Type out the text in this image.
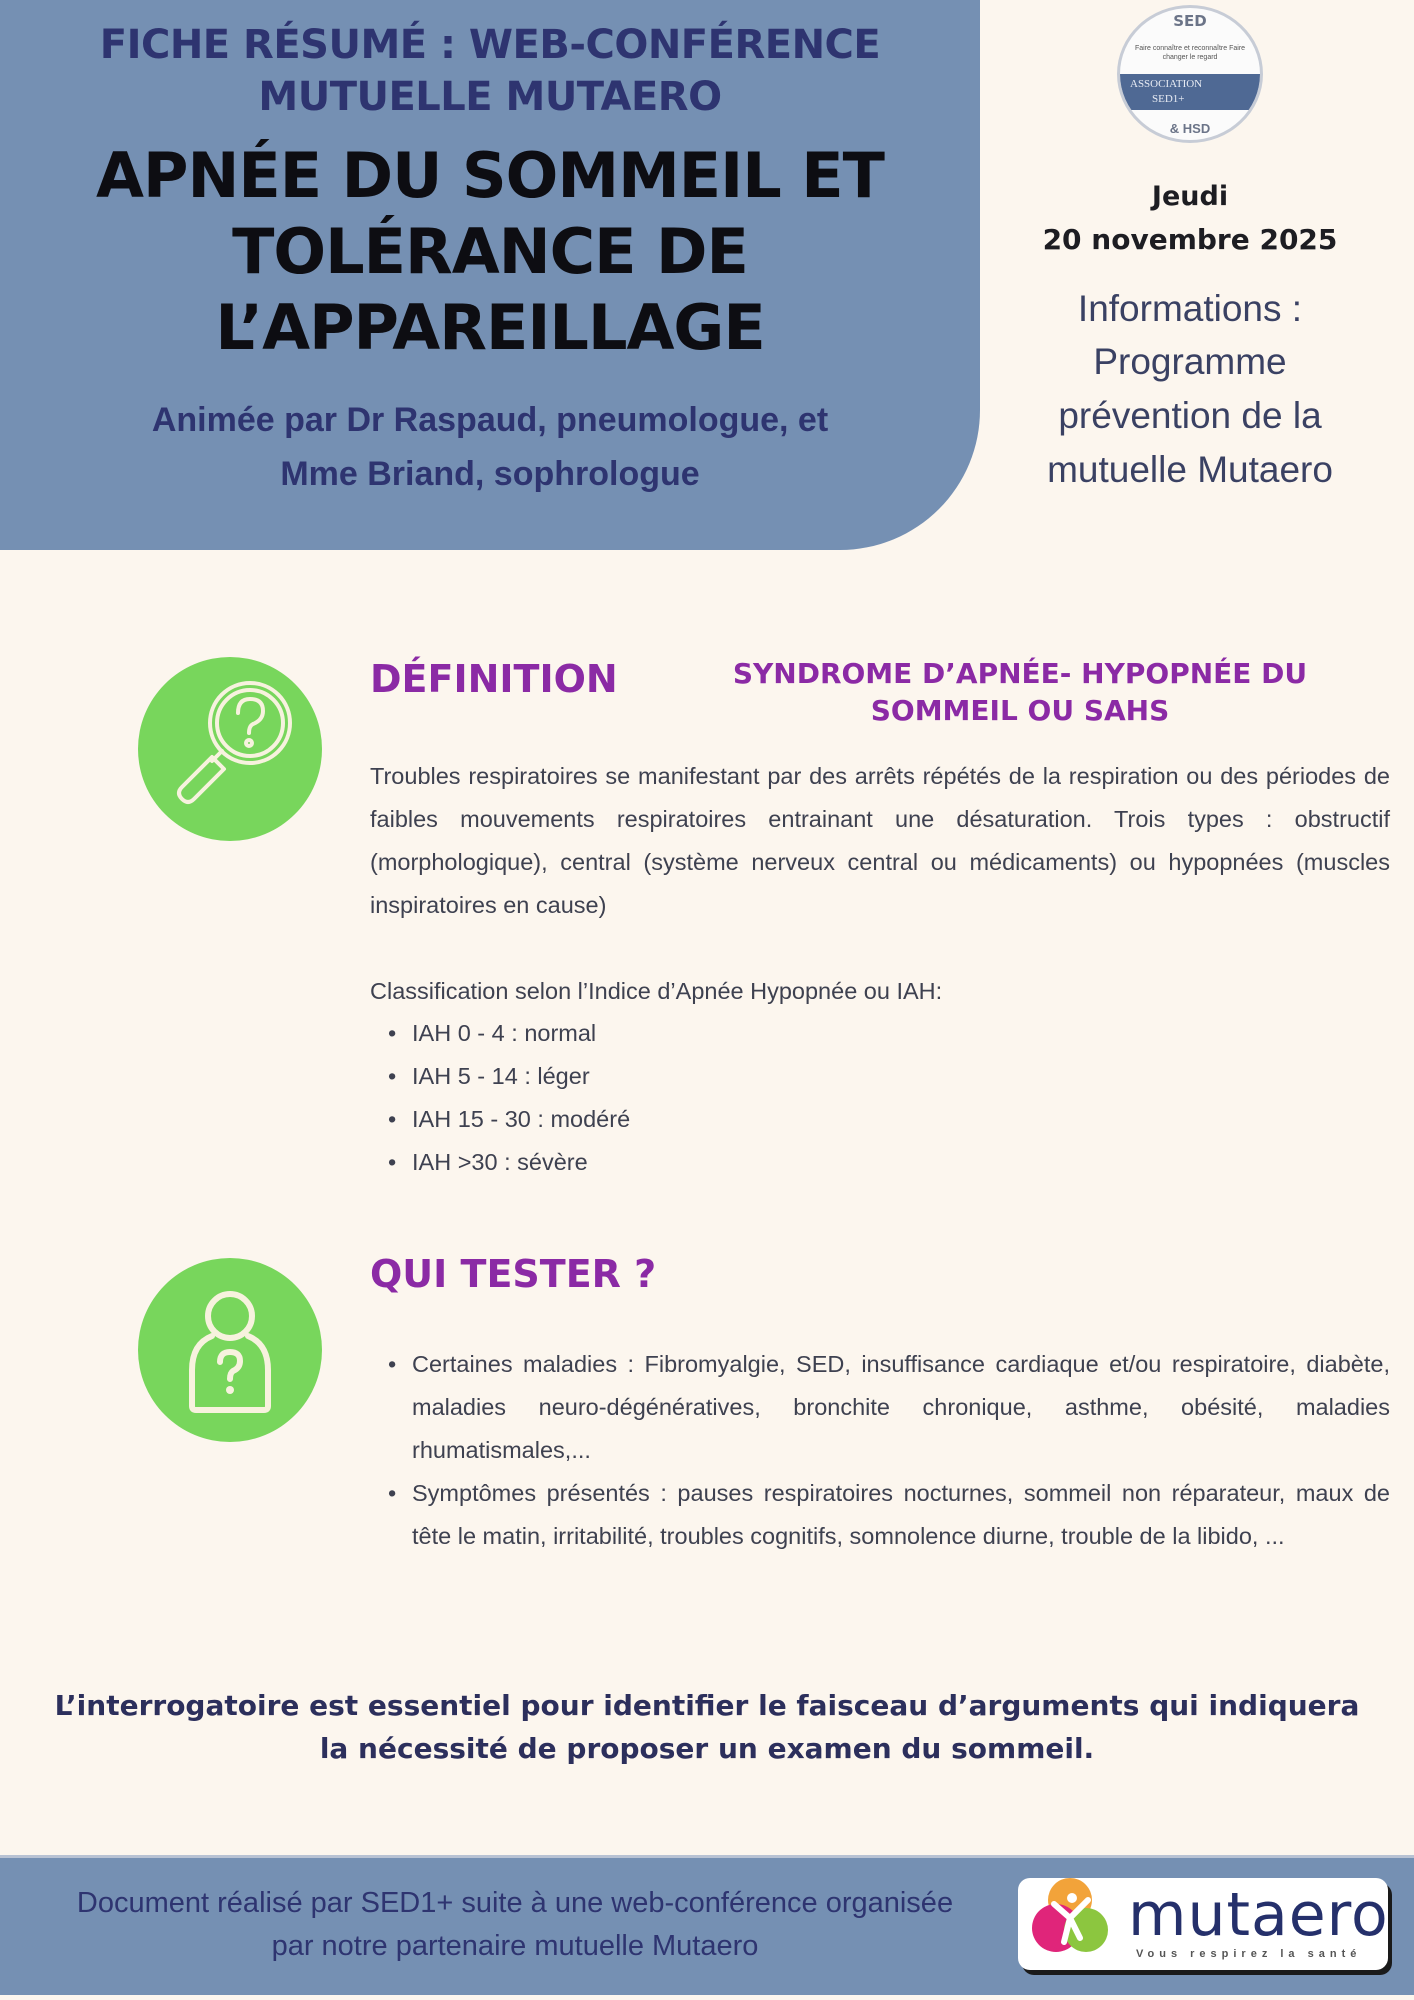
FICHE RÉSUMÉ : WEB-CONFÉRENCE
MUTUELLE MUTAERO
APNÉE DU SOMMEIL ET
TOLÉRANCE DE
L’APPAREILLAGE
Animée par Dr Raspaud, pneumologue, et
Mme Briand, sophrologue
SED
Faire connaître et reconnaître Faire changer le regard
ASSOCIATION
SED1+
& HSD
Jeudi
20 novembre 2025
Informations :
Programme
prévention de la
mutuelle Mutaero
DÉFINITION	SYNDROME D’APNÉE- HYPOPNÉE DU
SOMMEIL OU SAHS
Troubles respiratoires se manifestant par des arrêts répétés de la respiration ou des périodes de faibles mouvements respiratoires entrainant une désaturation. Trois types : obstructif (morphologique), central (système nerveux central ou médicaments) ou hypopnées (muscles inspiratoires en cause)
Classification selon l’Indice d’Apnée Hypopnée ou IAH:
• IAH 0 - 4 : normal
• IAH 5 - 14 : léger
• IAH 15 - 30 : modéré
• IAH >30 : sévère
QUI TESTER ?
• Certaines maladies : Fibromyalgie, SED, insuffisance cardiaque et/ou respiratoire, diabète, maladies neuro-dégénératives, bronchite chronique, asthme, obésité, maladies rhumatismales,...
• Symptômes présentés : pauses respiratoires nocturnes, sommeil non réparateur, maux de tête le matin, irritabilité, troubles cognitifs, somnolence diurne, trouble de la libido, ...
L’interrogatoire est essentiel pour identifier le faisceau d’arguments qui indiquera
la nécessité de proposer un examen du sommeil.
Document réalisé par SED1+ suite à une web-conférence organisée
par notre partenaire mutuelle Mutaero	mutaero
Vous respirez la santé
